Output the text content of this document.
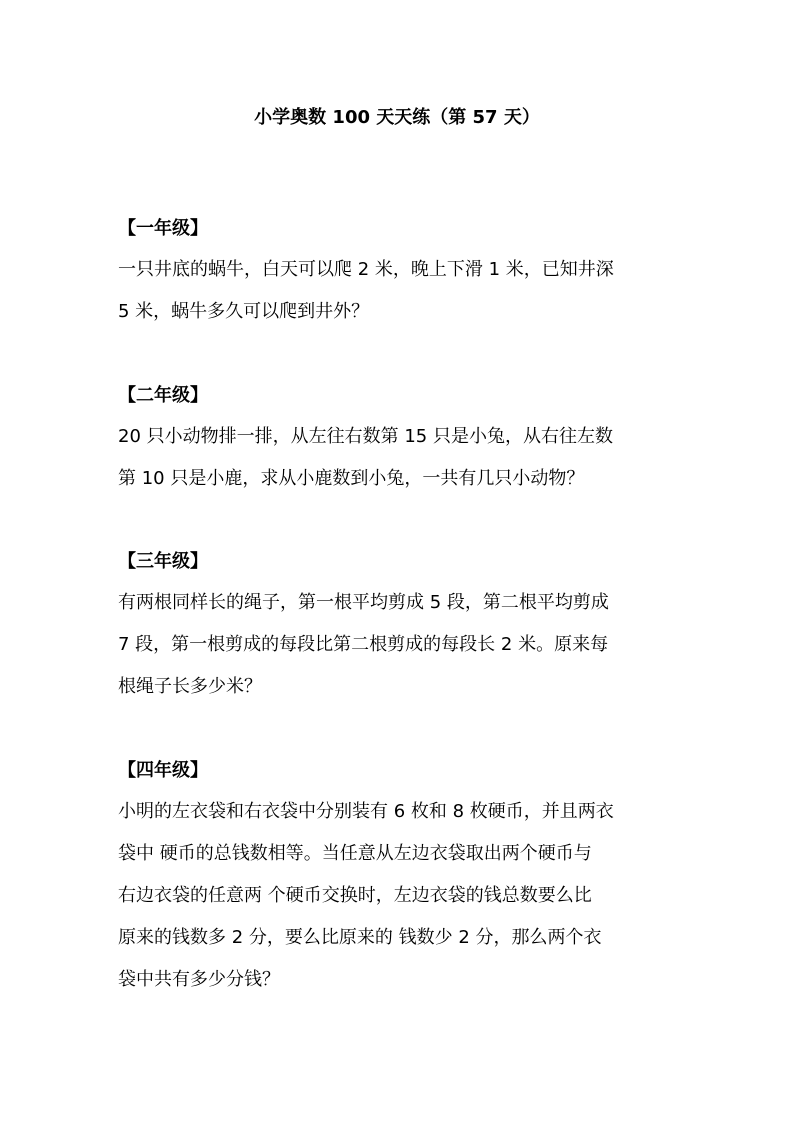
小学奥数 100 天天练（第 57 天）
【一年级】
一只井底的蜗牛，白天可以爬 2 米，晚上下滑 1 米，已知井深
5 米，蜗牛多久可以爬到井外？
【二年级】
20 只小动物排一排，从左往右数第 15 只是小兔，从右往左数
第 10 只是小鹿，求从小鹿数到小兔，一共有几只小动物？
【三年级】
有两根同样长的绳子，第一根平均剪成 5 段，第二根平均剪成
7 段，第一根剪成的每段比第二根剪成的每段长 2 米。原来每
根绳子长多少米？
【四年级】
小明的左衣袋和右衣袋中分别装有 6 枚和 8 枚硬币，并且两衣
袋中 硬币的总钱数相等。当任意从左边衣袋取出两个硬币与
右边衣袋的任意两 个硬币交换时，左边衣袋的钱总数要么比
原来的钱数多 2 分，要么比原来的 钱数少 2 分，那么两个衣
袋中共有多少分钱？
